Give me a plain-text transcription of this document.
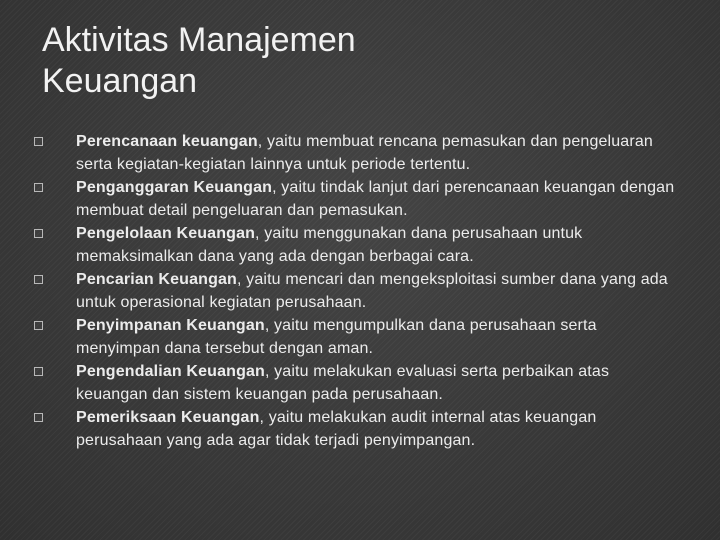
Aktivitas Manajemen
Keuangan
Perencanaan keuangan, yaitu membuat rencana pemasukan dan pengeluaran serta kegiatan-kegiatan lainnya untuk periode tertentu.
Penganggaran Keuangan, yaitu tindak lanjut dari perencanaan keuangan dengan membuat detail pengeluaran dan pemasukan.
Pengelolaan Keuangan, yaitu menggunakan dana perusahaan untuk memaksimalkan dana yang ada dengan berbagai cara.
Pencarian Keuangan, yaitu mencari dan mengeksploitasi sumber dana yang ada untuk operasional kegiatan perusahaan.
Penyimpanan Keuangan, yaitu mengumpulkan dana perusahaan serta menyimpan dana tersebut dengan aman.
Pengendalian Keuangan, yaitu melakukan evaluasi serta perbaikan atas keuangan dan sistem keuangan pada perusahaan.
Pemeriksaan Keuangan, yaitu melakukan audit internal atas keuangan perusahaan yang ada agar tidak terjadi penyimpangan.
